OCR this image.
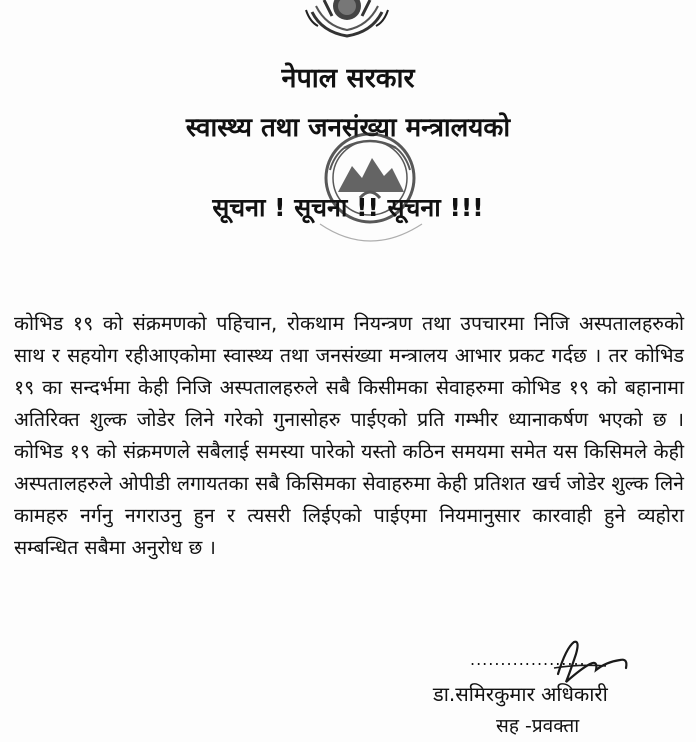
नेपाल सरकार
स्वास्थ्य तथा जनसंख्या मन्त्रालयको
सूचना ! सूचना !! सूचना !!!
कोभिड १९ को संक्रमणको पहिचान, रोकथाम नियन्त्रण तथा उपचारमा निजि अस्पतालहरुको साथ र सहयोग रहीआएकोमा स्वास्थ्य तथा जनसंख्या मन्त्रालय आभार प्रकट गर्दछ । तर कोभिड १९ का सन्दर्भमा केही निजि अस्पतालहरुले सबै किसीमका सेवाहरुमा कोभिड १९ को बहानामा अतिरिक्त शुल्क जोडेर लिने गरेको गुनासोहरु पाईएको प्रति गम्भीर ध्यानाकर्षण भएको छ । कोभिड १९ को संक्रमणले सबैलाई समस्या पारेको यस्तो कठिन समयमा समेत यस किसिमले केही अस्पतालहरुले ओपीडी लगायतका सबै किसिमका सेवाहरुमा केही प्रतिशत खर्च जोडेर शुल्क लिने कामहरु नर्गनु नगराउनु हुन र त्यसरी लिईएको पाईएमा नियमानुसार कारवाही हुने व्यहोरा सम्बन्धित सबैमा अनुरोध छ ।
...................
डा.समिरकुमार अधिकारी
सह -प्रवक्ता
